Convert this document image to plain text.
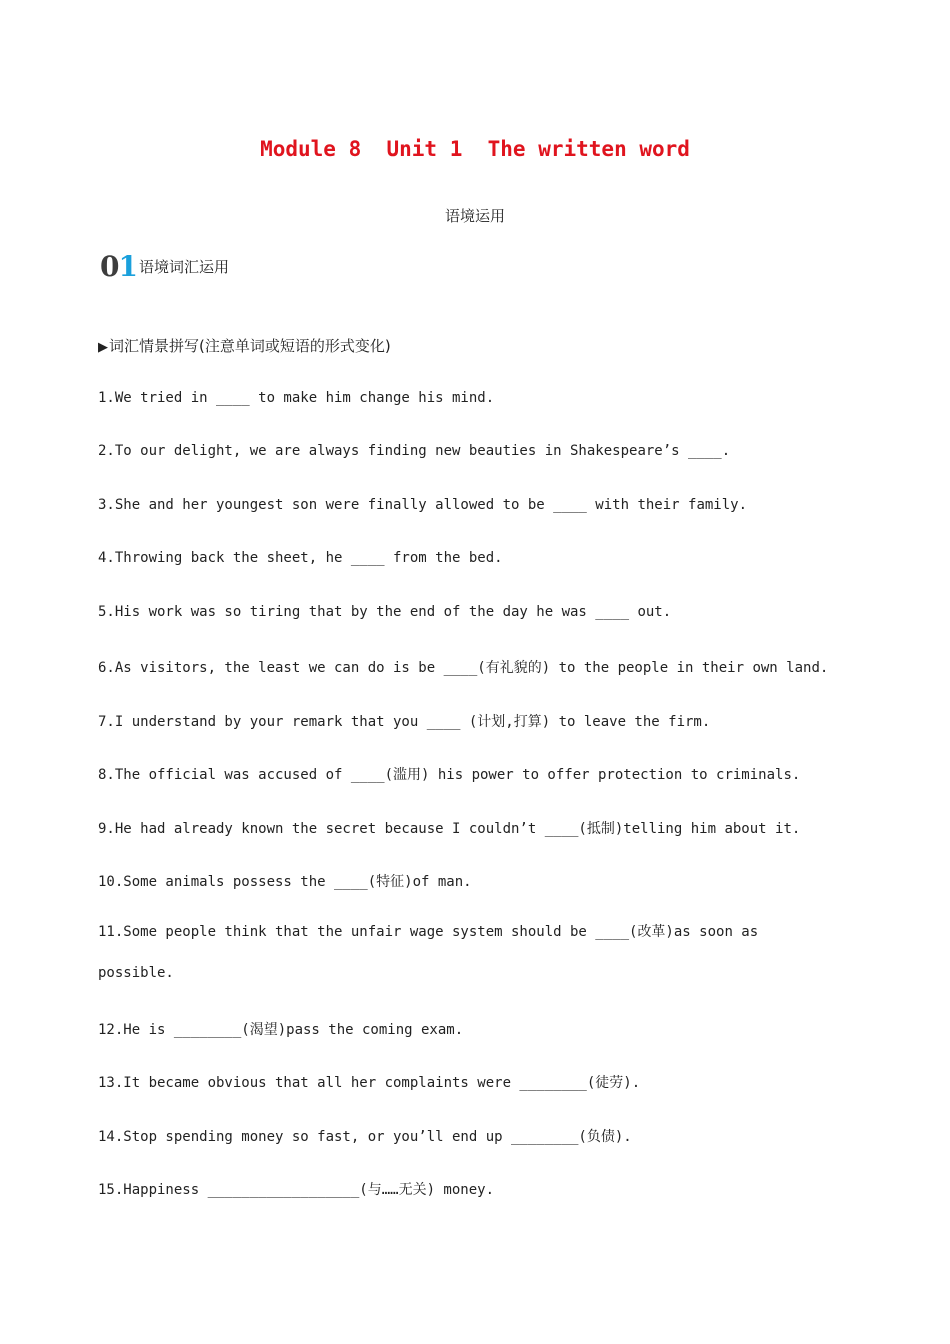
Module 8  Unit 1  The written word
语境运用
01 语境词汇运用
▶词汇情景拼写(注意单词或短语的形式变化)
1.We tried in ____ to make him change his mind.
2.To our delight, we are always finding new beauties in Shakespeare’s ____.
3.She and her youngest son were finally allowed to be ____ with their family.
4.Throwing back the sheet, he ____ from the bed.
5.His work was so tiring that by the end of the day he was ____ out.
6.As visitors, the least we can do is be ____(有礼貌的) to the people in their own land.
7.I understand by your remark that you ____ (计划,打算) to leave the firm.
8.The official was accused of ____(滥用) his power to offer protection to criminals.
9.He had already known the secret because I couldn’t ____(抵制)telling him about it.
10.Some animals possess the ____(特征)of man.
11.Some people think that the unfair wage system should be ____(改革)as soon as possible.
12.He is ________(渴望)pass the coming exam.
13.It became obvious that all her complaints were ________(徒劳).
14.Stop spending money so fast, or you’ll end up ________(负债).
15.Happiness __________________(与……无关) money.
